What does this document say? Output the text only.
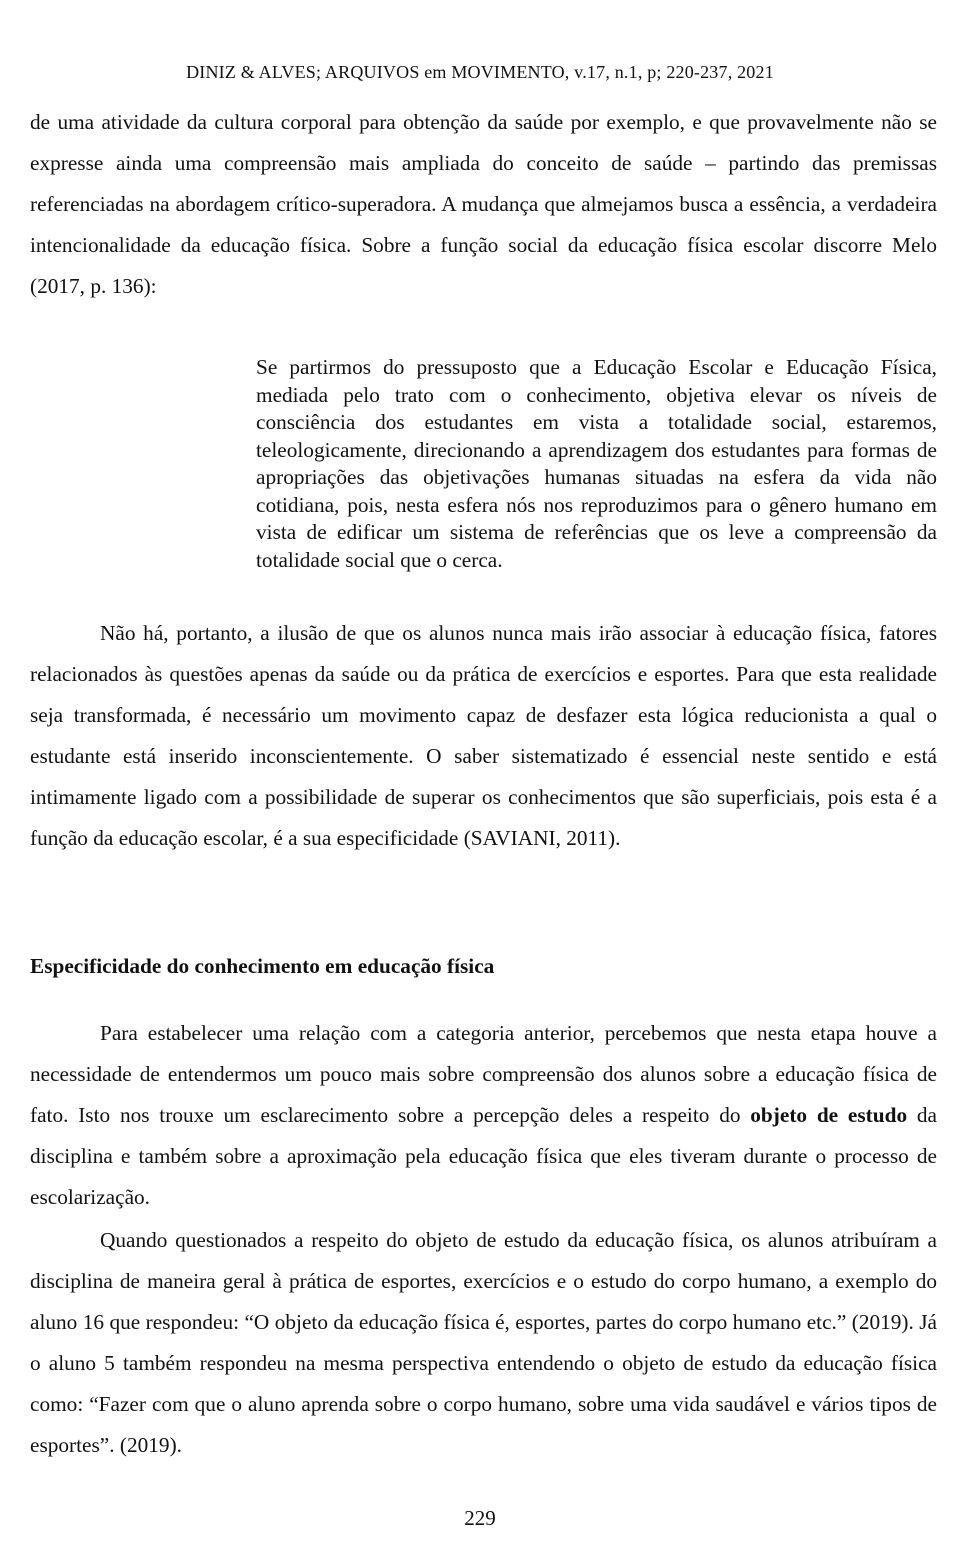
DINIZ & ALVES; ARQUIVOS em MOVIMENTO, v.17, n.1, p; 220-237, 2021

de uma atividade da cultura corporal para obtenção da saúde por exemplo, e que provavelmente não se expresse ainda uma compreensão mais ampliada do conceito de saúde – partindo das premissas referenciadas na abordagem crítico-superadora. A mudança que almejamos busca a essência, a verdadeira intencionalidade da educação física. Sobre a função social da educação física escolar discorre Melo (2017, p. 136):

Se partirmos do pressuposto que a Educação Escolar e Educação Física, mediada pelo trato com o conhecimento, objetiva elevar os níveis de consciência dos estudantes em vista a totalidade social, estaremos, teleologicamente, direcionando a aprendizagem dos estudantes para formas de apropriações das objetivações humanas situadas na esfera da vida não cotidiana, pois, nesta esfera nós nos reproduzimos para o gênero humano em vista de edificar um sistema de referências que os leve a compreensão da totalidade social que o cerca.

Não há, portanto, a ilusão de que os alunos nunca mais irão associar à educação física, fatores relacionados às questões apenas da saúde ou da prática de exercícios e esportes. Para que esta realidade seja transformada, é necessário um movimento capaz de desfazer esta lógica reducionista a qual o estudante está inserido inconscientemente. O saber sistematizado é essencial neste sentido e está intimamente ligado com a possibilidade de superar os conhecimentos que são superficiais, pois esta é a função da educação escolar, é a sua especificidade (SAVIANI, 2011).

Especificidade do conhecimento em educação física

Para estabelecer uma relação com a categoria anterior, percebemos que nesta etapa houve a necessidade de entendermos um pouco mais sobre compreensão dos alunos sobre a educação física de fato. Isto nos trouxe um esclarecimento sobre a percepção deles a respeito do objeto de estudo da disciplina e também sobre a aproximação pela educação física que eles tiveram durante o processo de escolarização.

Quando questionados a respeito do objeto de estudo da educação física, os alunos atribuíram a disciplina de maneira geral à prática de esportes, exercícios e o estudo do corpo humano, a exemplo do aluno 16 que respondeu: “O objeto da educação física é, esportes, partes do corpo humano etc.” (2019). Já o aluno 5 também respondeu na mesma perspectiva entendendo o objeto de estudo da educação física como: “Fazer com que o aluno aprenda sobre o corpo humano, sobre uma vida saudável e vários tipos de esportes”. (2019).

229
